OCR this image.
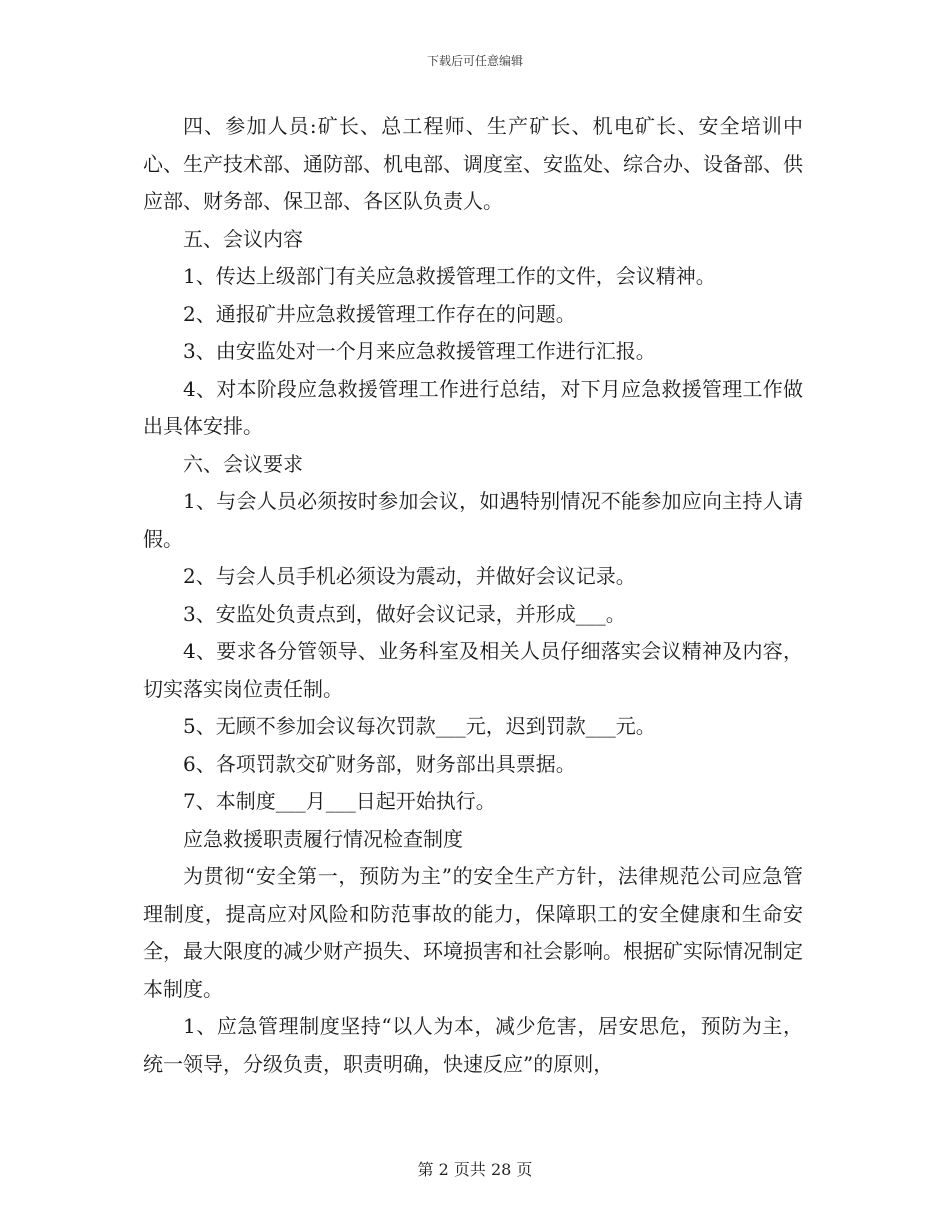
下载后可任意编辑

四、参加人员:矿长、总工程师、生产矿长、机电矿长、安全培训中心、生产技术部、通防部、机电部、调度室、安监处、综合办、设备部、供应部、财务部、保卫部、各区队负责人。

五、会议内容

1、传达上级部门有关应急救援管理工作的文件，会议精神。

2、通报矿井应急救援管理工作存在的问题。

3、由安监处对一个月来应急救援管理工作进行汇报。

4、对本阶段应急救援管理工作进行总结，对下月应急救援管理工作做出具体安排。

六、会议要求

1、与会人员必须按时参加会议，如遇特别情况不能参加应向主持人请假。

2、与会人员手机必须设为震动，并做好会议记录。

3、安监处负责点到，做好会议记录，并形成___。

4、要求各分管领导、业务科室及相关人员仔细落实会议精神及内容，切实落实岗位责任制。

5、无顾不参加会议每次罚款___元，迟到罚款___元。

6、各项罚款交矿财务部，财务部出具票据。

7、本制度___月___日起开始执行。

应急救援职责履行情况检查制度

为贯彻“安全第一，预防为主”的安全生产方针，法律规范公司应急管理制度，提高应对风险和防范事故的能力，保障职工的安全健康和生命安全，最大限度的减少财产损失、环境损害和社会影响。根据矿实际情况制定本制度。

1、应急管理制度坚持“以人为本，减少危害，居安思危，预防为主，统一领导，分级负责，职责明确，快速反应”的原则，

第 2 页共 28 页
